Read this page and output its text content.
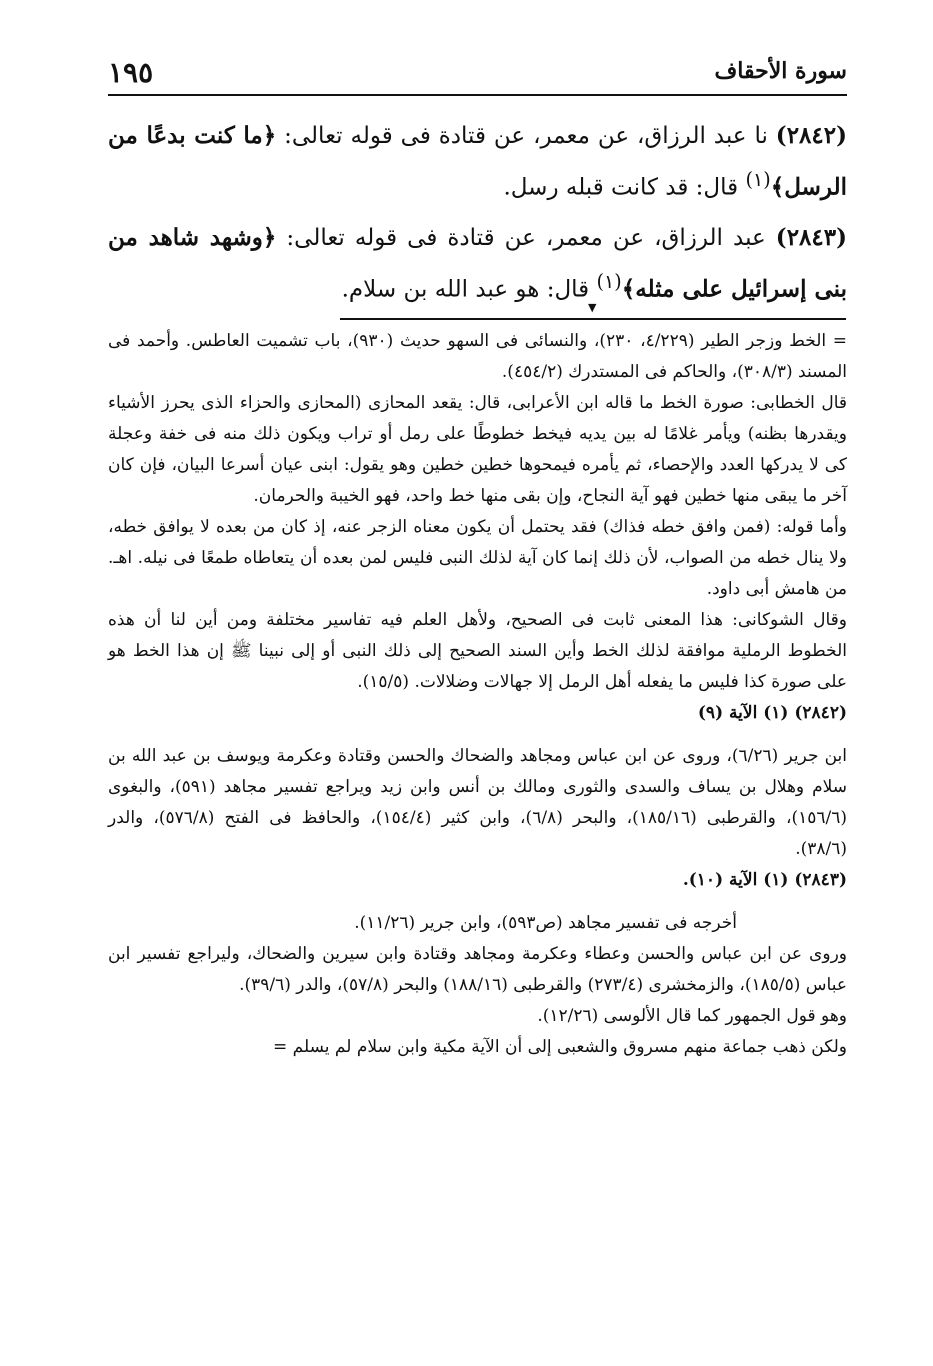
سورة الأحقاف
١٩٥

(٢٨٤٢) نا عبد الرزاق، عن معمر، عن قتادة فى قوله تعالى: ﴿ما كنت بدعًا من الرسل﴾$^{(١)}$ قال: قد كانت قبله رسل.

(٢٨٤٣) عبد الرزاق، عن معمر، عن قتادة فى قوله تعالى: ﴿وشهد شاهد من بنى إسرائيل على مثله﴾$^{(١)}$ قال: هو عبد الله بن سلام.

▼

= الخط وزجر الطير (٤/٢٢٩، ٢٣٠)، والنسائى فى السهو حديث (٩٣٠)، باب تشميت العاطس. وأحمد فى المسند (٣٠٨/٣)، والحاكم فى المستدرك (٤٥٤/٢).

قال الخطابى: صورة الخط ما قاله ابن الأعرابى، قال: يقعد المحازى (المحازى والحزاء الذى يحرز الأشياء ويقدرها بظنه) ويأمر غلامًا له بين يديه فيخط خطوطًا على رمل أو تراب ويكون ذلك منه فى خفة وعجلة كى لا يدركها العدد والإحصاء، ثم يأمره فيمحوها خطين خطين وهو يقول: ابنى عيان أسرعا البيان، فإن كان آخر ما يبقى منها خطين فهو آية النجاح، وإن بقى منها خط واحد، فهو الخيبة والحرمان.

وأما قوله: (فمن وافق خطه فذاك) فقد يحتمل أن يكون معناه الزجر عنه، إذ كان من بعده لا يوافق خطه، ولا ينال خطه من الصواب، لأن ذلك إنما كان آية لذلك النبى فليس لمن بعده أن يتعاطاه طمعًا فى نيله. اهـ. من هامش أبى داود.

وقال الشوكانى: هذا المعنى ثابت فى الصحيح، ولأهل العلم فيه تفاسير مختلفة ومن أين لنا أن هذه الخطوط الرملية موافقة لذلك الخط وأين السند الصحيح إلى ذلك النبى أو إلى نبينا ﷺ إن هذا الخط هو على صورة كذا فليس ما يفعله أهل الرمل إلا جهالات وضلالات. (١٥/٥).

(٢٨٤٢) (١) الآية (٩)

ابن جرير (٦/٢٦)، وروى عن ابن عباس ومجاهد والضحاك والحسن وقتادة وعكرمة ويوسف بن عبد الله بن سلام وهلال بن يساف والسدى والثورى ومالك بن أنس وابن زيد ويراجع تفسير مجاهد (٥٩١)، والبغوى (١٥٦/٦)، والقرطبى (١٨٥/١٦)، والبحر (٦/٨)، وابن كثير (١٥٤/٤)، والحافظ فى الفتح (٥٧٦/٨)، والدر (٣٨/٦).

(٢٨٤٣) (١) الآية (١٠).

أخرجه فى تفسير مجاهد (ص٥٩٣)، وابن جرير (١١/٢٦).

وروى عن ابن عباس والحسن وعطاء وعكرمة ومجاهد وقتادة وابن سيرين والضحاك، وليراجع تفسير ابن عباس (١٨٥/٥)، والزمخشرى (٢٧٣/٤) والقرطبى (١٨٨/١٦) والبحر (٥٧/٨)، والدر (٣٩/٦).

وهو قول الجمهور كما قال الألوسى (١٢/٢٦).

ولكن ذهب جماعة منهم مسروق والشعبى إلى أن الآية مكية وابن سلام لم يسلم =
